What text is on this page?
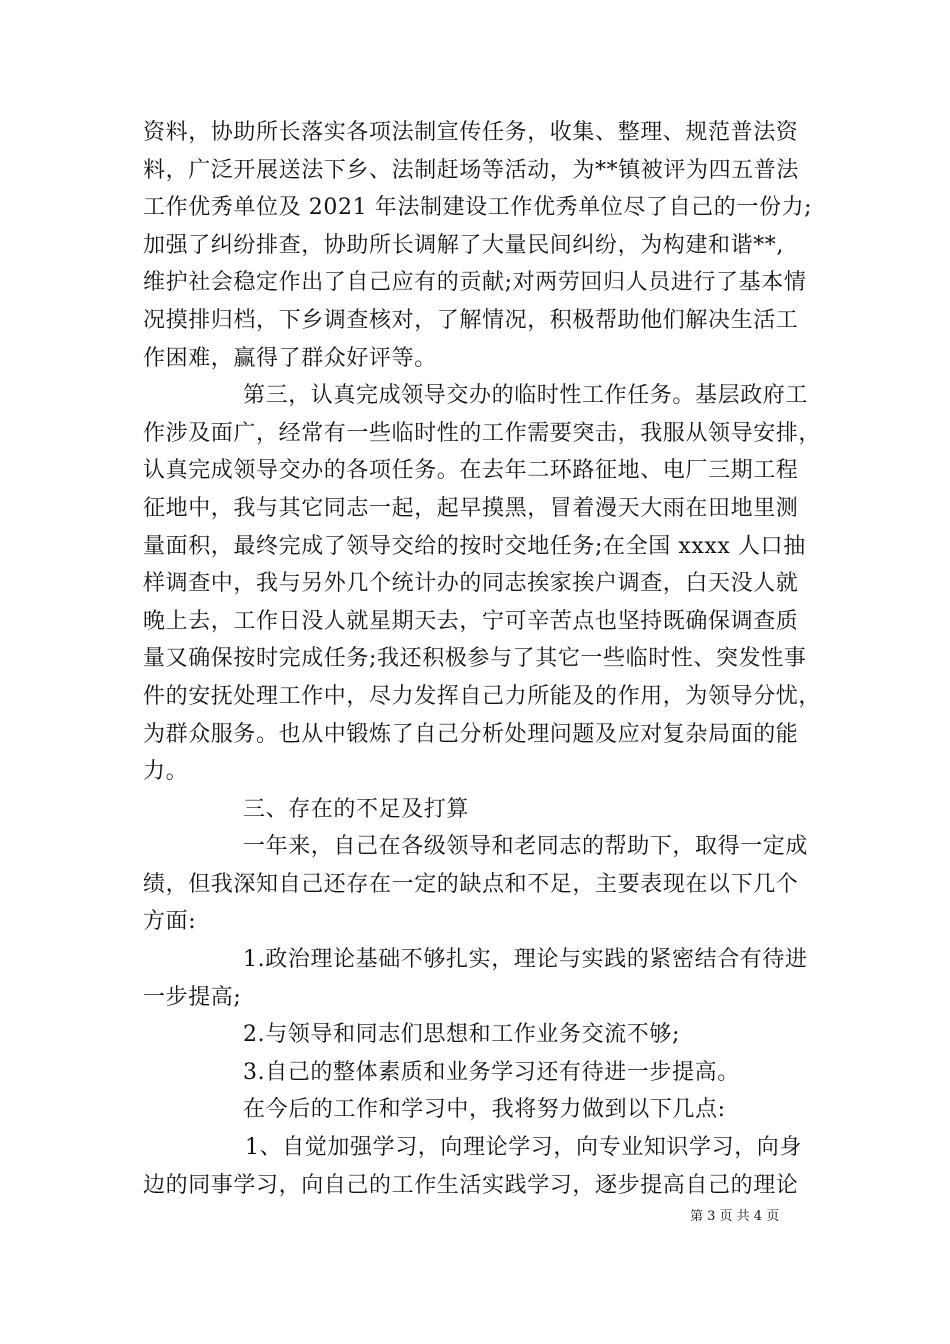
资料，协助所长落实各项法制宣传任务，收集、整理、规范普法资
料，广泛开展送法下乡、法制赶场等活动，为**镇被评为四五普法
工作优秀单位及 2021 年法制建设工作优秀单位尽了自己的一份力;
加强了纠纷排查，协助所长调解了大量民间纠纷，为构建和谐**,
维护社会稳定作出了自己应有的贡献;对两劳回归人员进行了基本情
况摸排归档，下乡调查核对，了解情况，积极帮助他们解决生活工
作困难，赢得了群众好评等。
第三，认真完成领导交办的临时性工作任务。基层政府工
作涉及面广，经常有一些临时性的工作需要突击，我服从领导安排，
认真完成领导交办的各项任务。在去年二环路征地、电厂三期工程
征地中，我与其它同志一起，起早摸黑，冒着漫天大雨在田地里测
量面积，最终完成了领导交给的按时交地任务;在全国 xxxx 人口抽
样调查中，我与另外几个统计办的同志挨家挨户调查，白天没人就
晚上去，工作日没人就星期天去，宁可辛苦点也坚持既确保调查质
量又确保按时完成任务;我还积极参与了其它一些临时性、突发性事
件的安抚处理工作中，尽力发挥自己力所能及的作用，为领导分忧，
为群众服务。也从中锻炼了自己分析处理问题及应对复杂局面的能
力。
三、存在的不足及打算
一年来，自己在各级领导和老同志的帮助下，取得一定成
绩，但我深知自己还存在一定的缺点和不足，主要表现在以下几个
方面:
1.政治理论基础不够扎实，理论与实践的紧密结合有待进
一步提高;
2.与领导和同志们思想和工作业务交流不够;
3.自己的整体素质和业务学习还有待进一步提高。
在今后的工作和学习中，我将努力做到以下几点:
1、自觉加强学习，向理论学习，向专业知识学习，向身
边的同事学习，向自己的工作生活实践学习，逐步提高自己的理论
第 3 页 共 4 页
